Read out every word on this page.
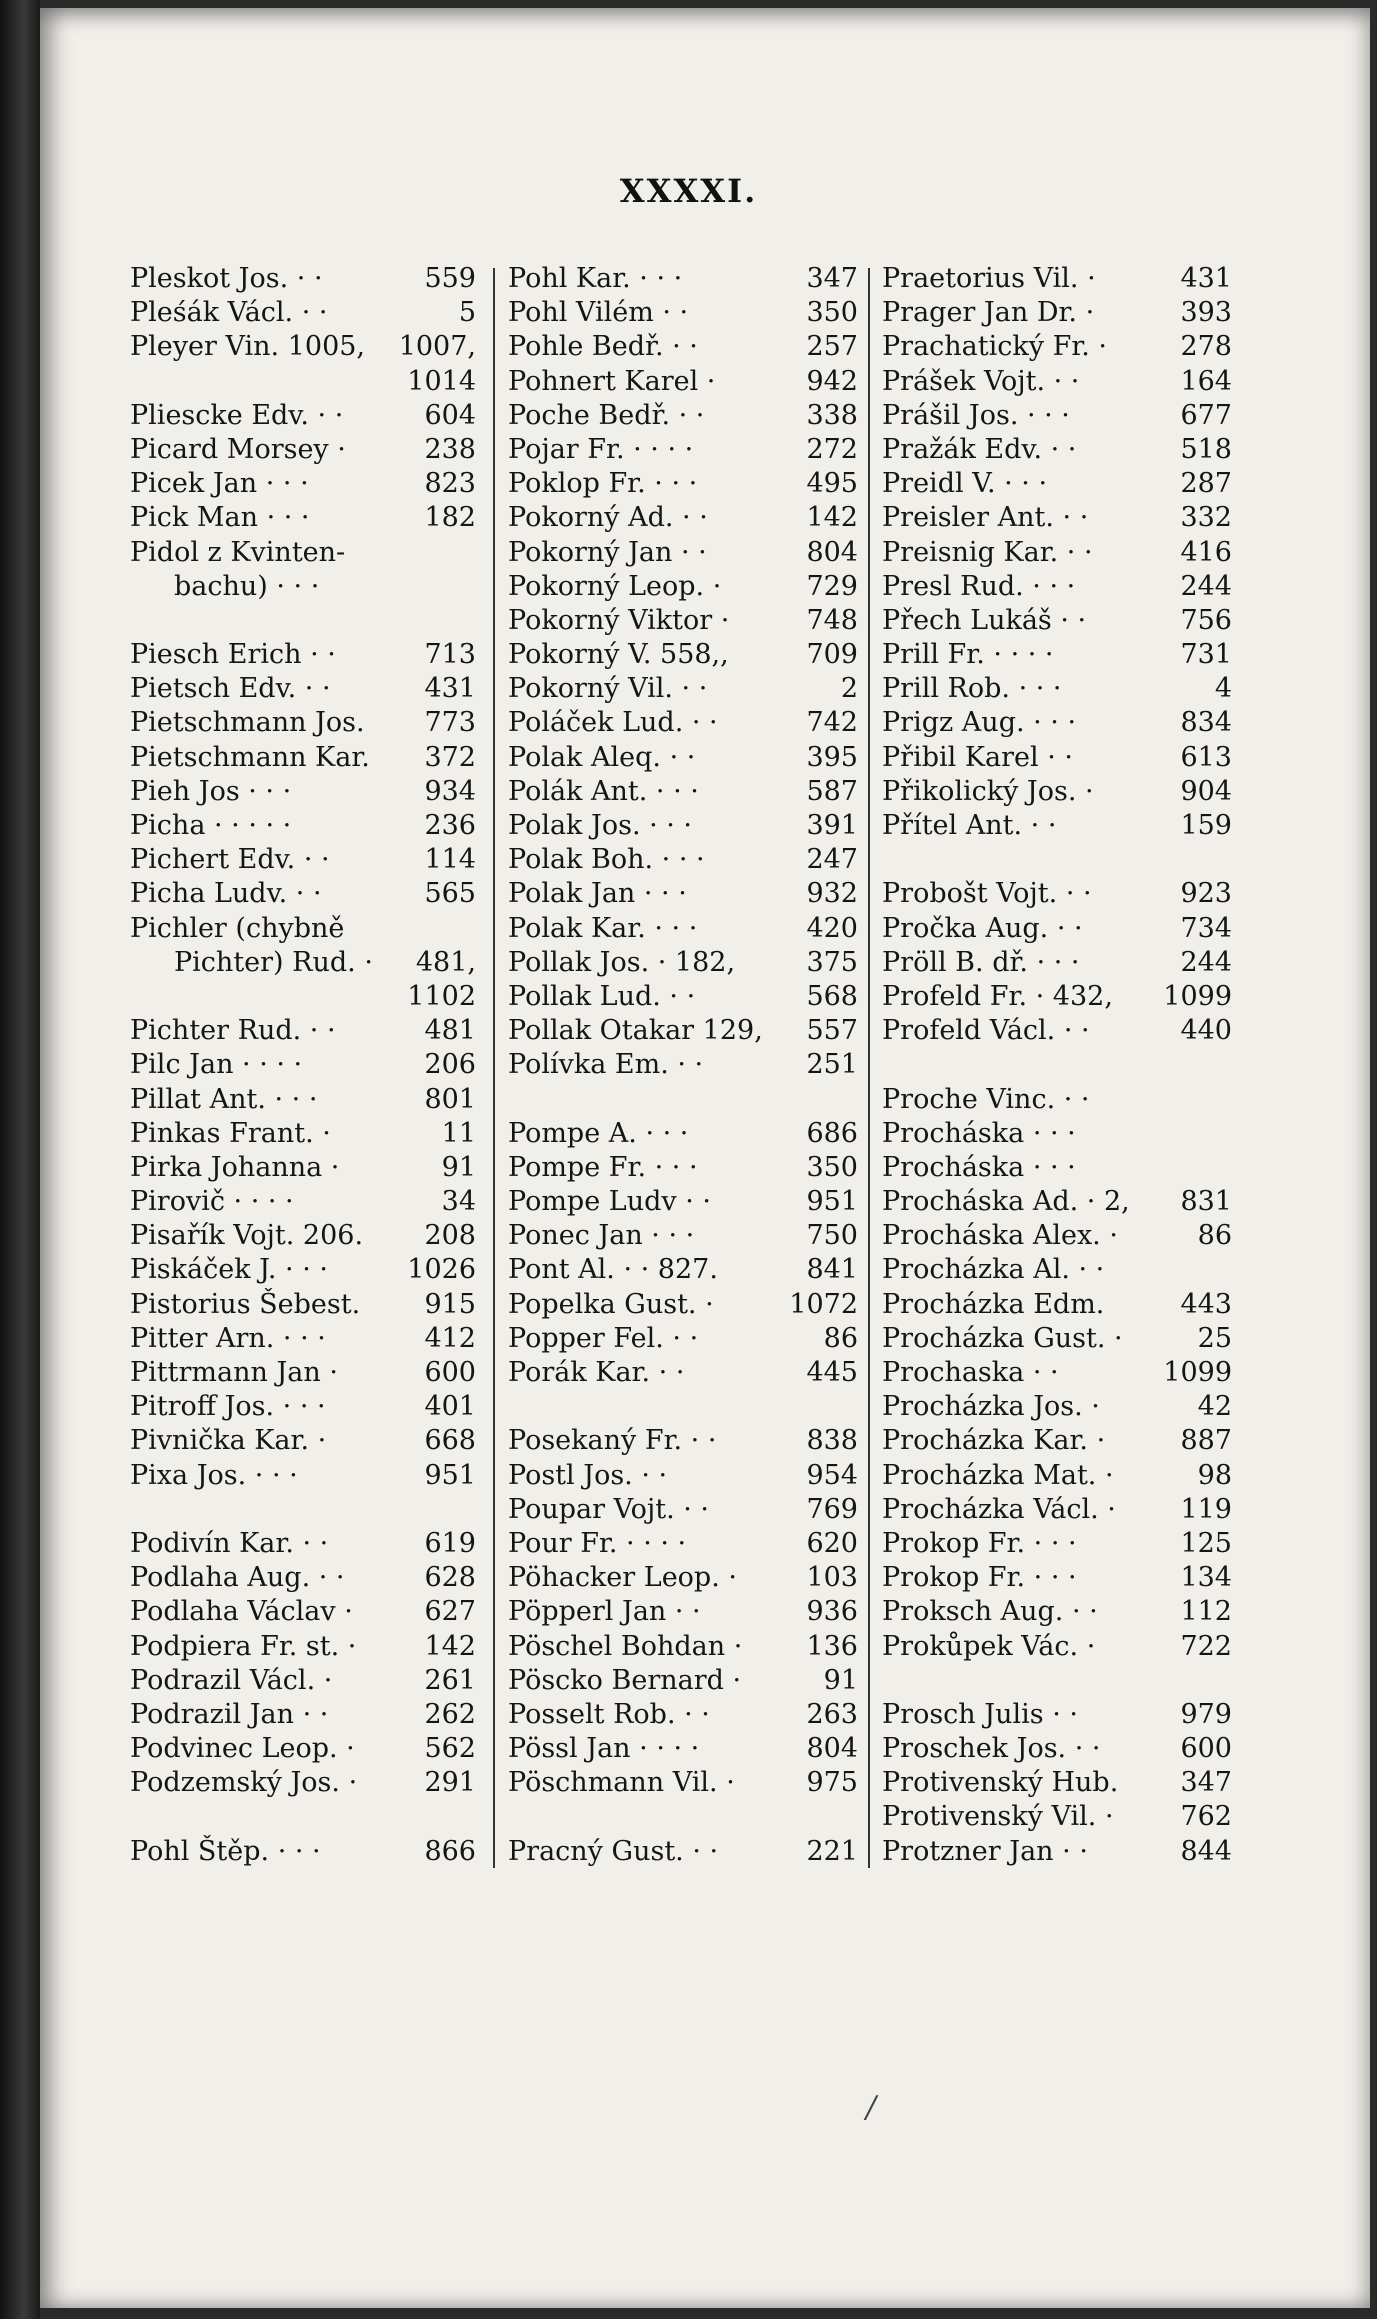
XXXXI.
Pleskot Jos. · ·	559
Pleśák Václ. · ·	5
Pleyer Vin. 1005, 1007,
1014
Pliescke Edv. · ·	604
Picard Morsey ·	238
Picek Jan · · ·	823
Pick Man · · ·	182
Pidol z Kvinten-
bachu) · · ·
Piesch Erich · ·	713
Pietsch Edv. · ·	431
Pietschmann Jos. 773
Pietschmann Kar. 372
Pieh Jos · · ·	934
Picha · · · · ·	236
Pichert Edv. · ·	114
Picha Ludv. · ·	565
Pichler (chybně
Pichter) Rud. · 481,
1102
Pichter Rud. · ·	481
Pilc Jan · · · ·	206
Pillat Ant. · · ·	801
Pinkas Frant. ·	11
Pirka Johanna ·	91
Pirovič · · · ·	34
Pisařík Vojt. 206. 208
Piskáček J. · · ·	1026
Pistorius Šebest. 915
Pitter Arn. · · ·	412
Pittrmann Jan ·	600
Pitroff Jos. · · ·	401
Pivnička Kar. ·	668
Pixa Jos. · · ·	951
Podivín Kar. · ·	619
Podlaha Aug. · ·	628
Podlaha Václav ·	627
Podpiera Fr. st. ·	142
Podrazil Václ. ·	261
Podrazil Jan · ·	262
Podvinec Leop. ·	562
Podzemský Jos. · 291
Pohl Štěp. · · ·	866
Pohl Kar. · · ·	347
Pohl Vilém · ·	350
Pohle Bedř. · ·	257
Pohnert Karel ·	942
Poche Bedř. · ·	338
Pojar Fr. · · · ·	272
Poklop Fr. · · ·	495
Pokorný Ad. · ·	142
Pokorný Jan · ·	804
Pokorný Leop. ·	729
Pokorný Viktor ·	748
Pokorný V. 558,,	709
Pokorný Vil. · ·	2
Poláček Lud. · ·	742
Polak Aleq. · ·	395
Polák Ant. · · ·	587
Polak Jos. · · ·	391
Polak Boh. · · ·	247
Polak Jan · · ·	932
Polak Kar. · · ·	420
Pollak Jos. · 182,	375
Pollak Lud. · ·	568
Pollak Otakar 129, 557
Polívka Em. · ·	251
Pompe A. · · ·	686
Pompe Fr. · · ·	350
Pompe Ludv · ·	951
Ponec Jan · · ·	750
Pont Al. · · 827.	841
Popelka Gust. ·	1072
Popper Fel. · ·	86
Porák Kar. · ·	445
Posekaný Fr. · ·	838
Postl Jos. · ·	954
Poupar Vojt. · ·	769
Pour Fr. · · · ·	620
Pöhacker Leop. ·	103
Pöpperl Jan · ·	936
Pöschel Bohdan · 136
Pöscko Bernard ·	91
Posselt Rob. · ·	263
Pössl Jan · · · ·	804
Pöschmann Vil. ·	975
Pracný Gust. · ·	221
Praetorius Vil. ·	431
Prager Jan Dr. ·	393
Prachatický Fr. ·	278
Prášek Vojt. · ·	164
Prášil Jos. · · ·	677
Pražák Edv. · ·	518
Preidl V. · · ·	287
Preisler Ant. · ·	332
Preisnig Kar. · ·	416
Presl Rud. · · ·	244
Přech Lukáš · ·	756
Prill Fr. · · · ·	731
Prill Rob. · · ·	4
Prigz Aug. · · ·	834
Přibil Karel · ·	613
Přikolický Jos. ·	904
Přítel Ant. · ·	159
Probošt Vojt. · ·	923
Pročka Aug. · ·	734
Pröll B. dř. · · ·	244
Profeld Fr. · 432, 1099
Profeld Václ. · ·	440
Proche Vinc. · ·
Procháska · · ·
Procháska · · ·
Procháska Ad. · 2, 831
Procháska Alex. ·	86
Procházka Al. · ·
Procházka Edm.	443
Procházka Gust. ·	25
Prochaska · ·	1099
Procházka Jos. ·	42
Procházka Kar. ·	887
Procházka Mat. ·	98
Procházka Václ. · 119
Prokop Fr. · · ·	125
Prokop Fr. · · ·	134
Proksch Aug. · ·	112
Prokůpek Vác. ·	722
Prosch Julis · ·	979
Proschek Jos. · ·	600
Protivenský Hub. 347
Protivenský Vil. · 762
Protzner Jan · ·	844
/
